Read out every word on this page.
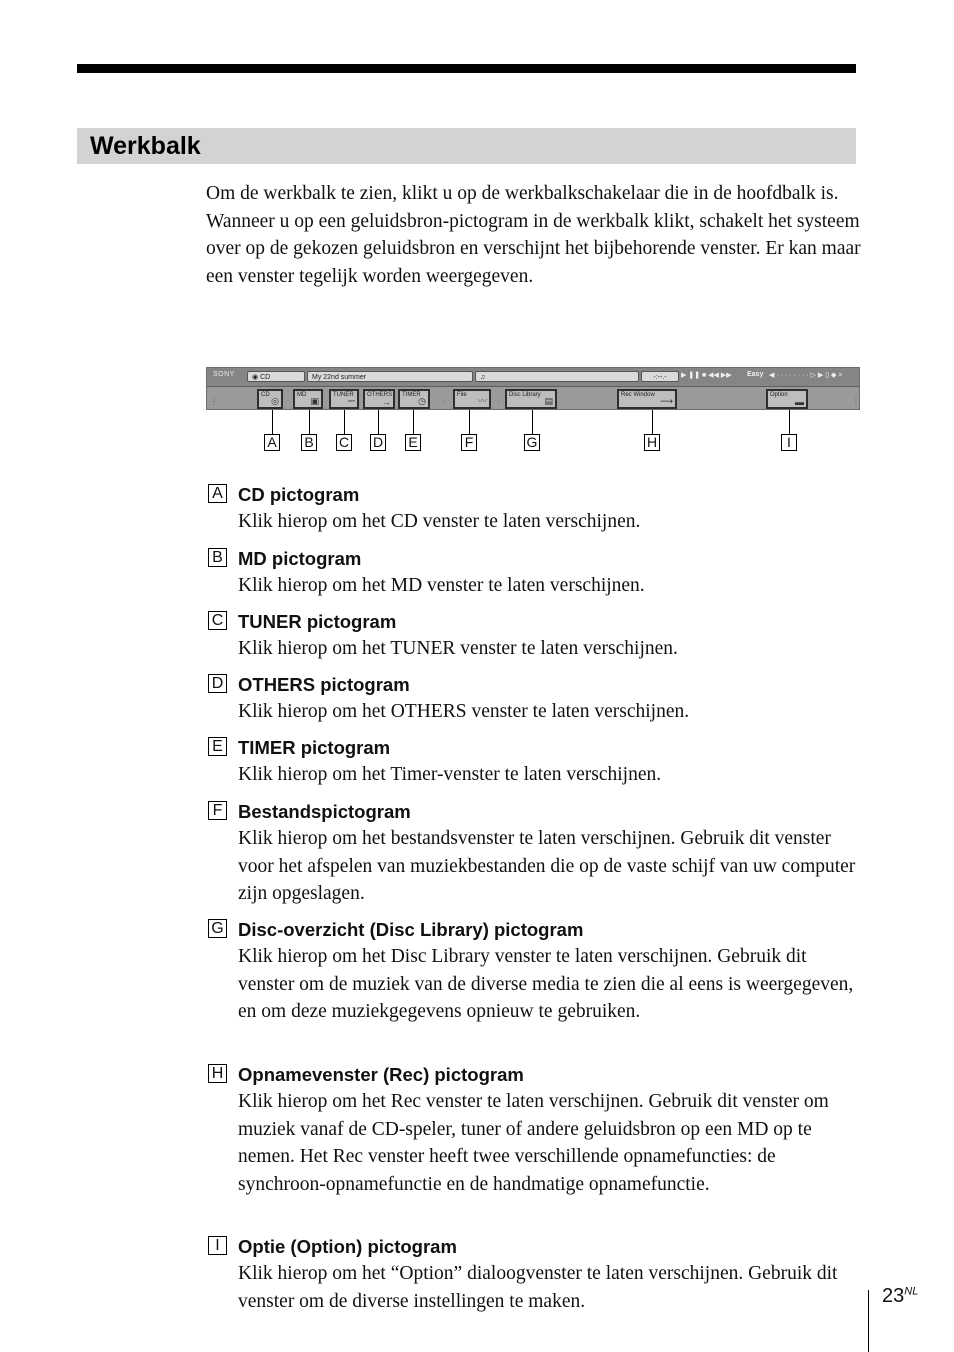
Werkbalk

Om de werkbalk te zien, klikt u op de werkbalkschakelaar die in de hoofdbalk is.

Wanneer u op een geluidsbron-pictogram in de werkbalk klikt, schakelt het systeem over op de gekozen geluidsbron en verschijnt het bijbehorende venster. Er kan maar een venster tegelijk worden weergegeven.

SONY	◉ CD	My 22nd summer	♫	-:--.-	▶ ❚❚ ■ ◀◀ ▶▶ Easy ◀ · · · · · · · · ▷ ▶ ▯ ◆ ×
⋮
CD
◎
MD
▣
TUNER
⎓
OTHERS
→
TIMER
◷ ·
File
〰 ·
Disc Library
▤
Rec Window
⟶
Option
▬	⋮
A B C D E	F	G	H	I
A CD pictogram
Klik hierop om het CD venster te laten verschijnen.
B MD pictogram
Klik hierop om het MD venster te laten verschijnen.
C TUNER pictogram
Klik hierop om het TUNER venster te laten verschijnen.
D OTHERS pictogram
Klik hierop om het OTHERS venster te laten verschijnen.
E TIMER pictogram
Klik hierop om het Timer-venster te laten verschijnen.
F Bestandspictogram
Klik hierop om het bestandsvenster te laten verschijnen. Gebruik dit venster voor het afspelen van muziekbestanden die op de vaste schijf van uw computer zijn opgeslagen.
G Disc-overzicht (Disc Library) pictogram
Klik hierop om het Disc Library venster te laten verschijnen. Gebruik dit venster om de muziek van de diverse media te zien die al eens is weergegeven, en om deze muziekgegevens opnieuw te gebruiken.
H Opnamevenster (Rec) pictogram
Klik hierop om het Rec venster te laten verschijnen. Gebruik dit venster om muziek vanaf de CD-speler, tuner of andere geluidsbron op een MD op te nemen. Het Rec venster heeft twee verschillende opnamefuncties: de synchroon-opnamefunctie en de handmatige opnamefunctie.
I Optie (Option) pictogram
Klik hierop om het “Option” dialoogvenster te laten verschijnen. Gebruik dit venster om de diverse instellingen te maken.	$23^{NL}$
